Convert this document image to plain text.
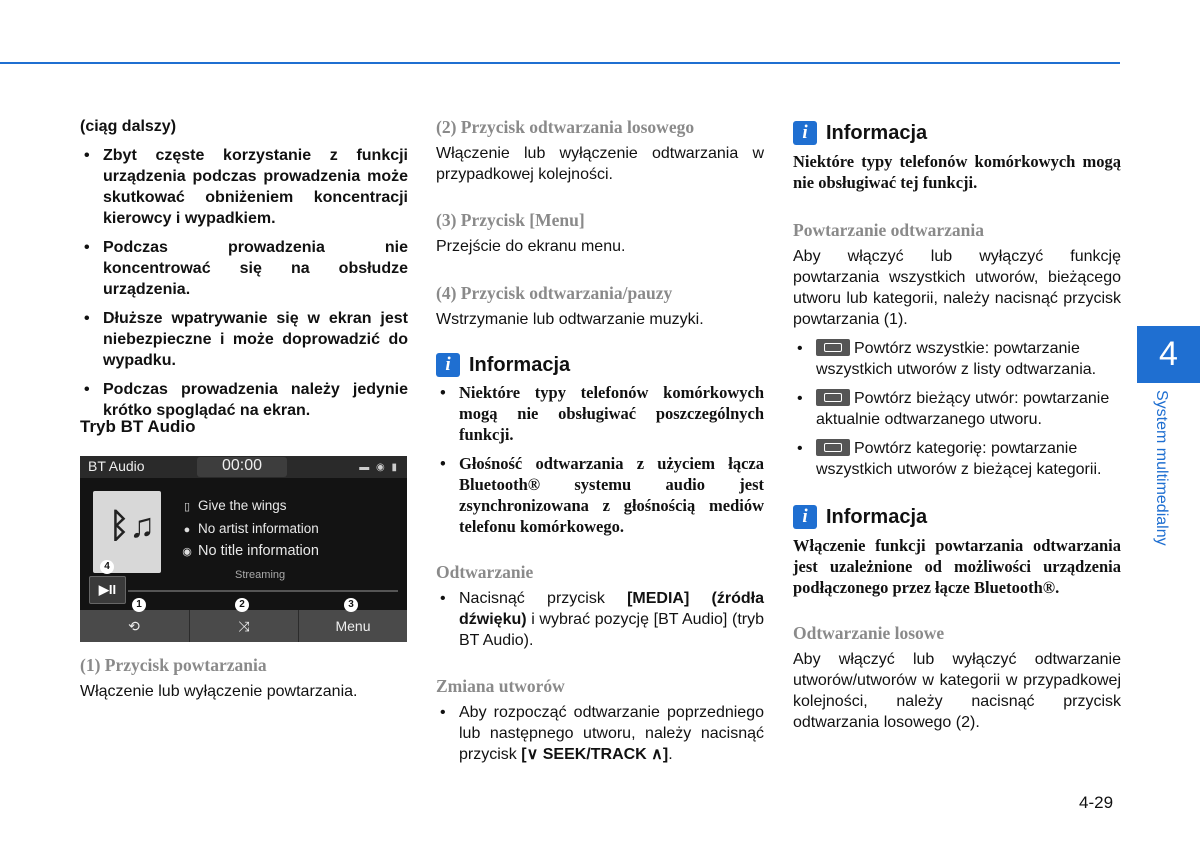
(ciąg dalszy)
• Zbyt częste korzystanie z funkcji urządzenia podczas prowadzenia może skutkować obniżeniem koncentracji kierowcy i wypadkiem.
• Podczas prowadzenia nie koncentrować się na obsłudze urządzenia.
• Dłuższe wpatrywanie się w ekran jest niebezpieczne i może doprowadzić do wypadku.
• Podczas prowadzenia należy jedynie krótko spoglądać na ekran.
Tryb BT Audio
(1) Przycisk powtarzania
Włączenie lub wyłączenie powtarzania.
BT Audio	00:00	▬ ◉ ▮
ᛒ♫	▯ Give the wings
● No artist information
◉ No title information
Streaming
▶II
⟲	⤨	Menu
1	2	3
4
(2) Przycisk odtwarzania losowego
Włączenie lub wyłączenie odtwarzania w przypadkowej kolejności.
(3) Przycisk [Menu]
Przejście do ekranu menu.
(4) Przycisk odtwarzania/pauzy
Wstrzymanie lub odtwarzanie muzyki.
i Informacja
• Niektóre typy telefonów komórkowych mogą nie obsługiwać poszczególnych funkcji.
• Głośność odtwarzania z użyciem łącza Bluetooth® systemu audio jest zsynchronizowana z głośnością mediów telefonu komórkowego.
Odtwarzanie
• Nacisnąć przycisk [MEDIA] (źródła dźwięku) i wybrać pozycję [BT Audio] (tryb BT Audio).
Zmiana utworów
• Aby rozpocząć odtwarzanie poprzedniego lub następnego utworu, należy nacisnąć przycisk [∨ SEEK/TRACK ∧].
i Informacja
Niektóre typy telefonów komórkowych mogą nie obsługiwać tej funkcji.
Powtarzanie odtwarzania
Aby włączyć lub wyłączyć funkcję powtarzania wszystkich utworów, bieżącego utworu lub kategorii, należy nacisnąć przycisk powtarzania (1).
• Powtórz wszystkie: powtarzanie wszystkich utworów z listy odtwarzania.
• Powtórz bieżący utwór: powtarzanie aktualnie odtwarzanego utworu.
• Powtórz kategorię: powtarzanie wszystkich utworów z bieżącej kategorii.
i Informacja
Włączenie funkcji powtarzania odtwarzania jest uzależnione od możliwości urządzenia podłączonego przez łącze Bluetooth®.
Odtwarzanie losowe
Aby włączyć lub wyłączyć odtwarzanie utworów/utworów w kategorii w przypadkowej kolejności, należy nacisnąć przycisk odtwarzania losowego (2).
4
System multimedialny
4-29
